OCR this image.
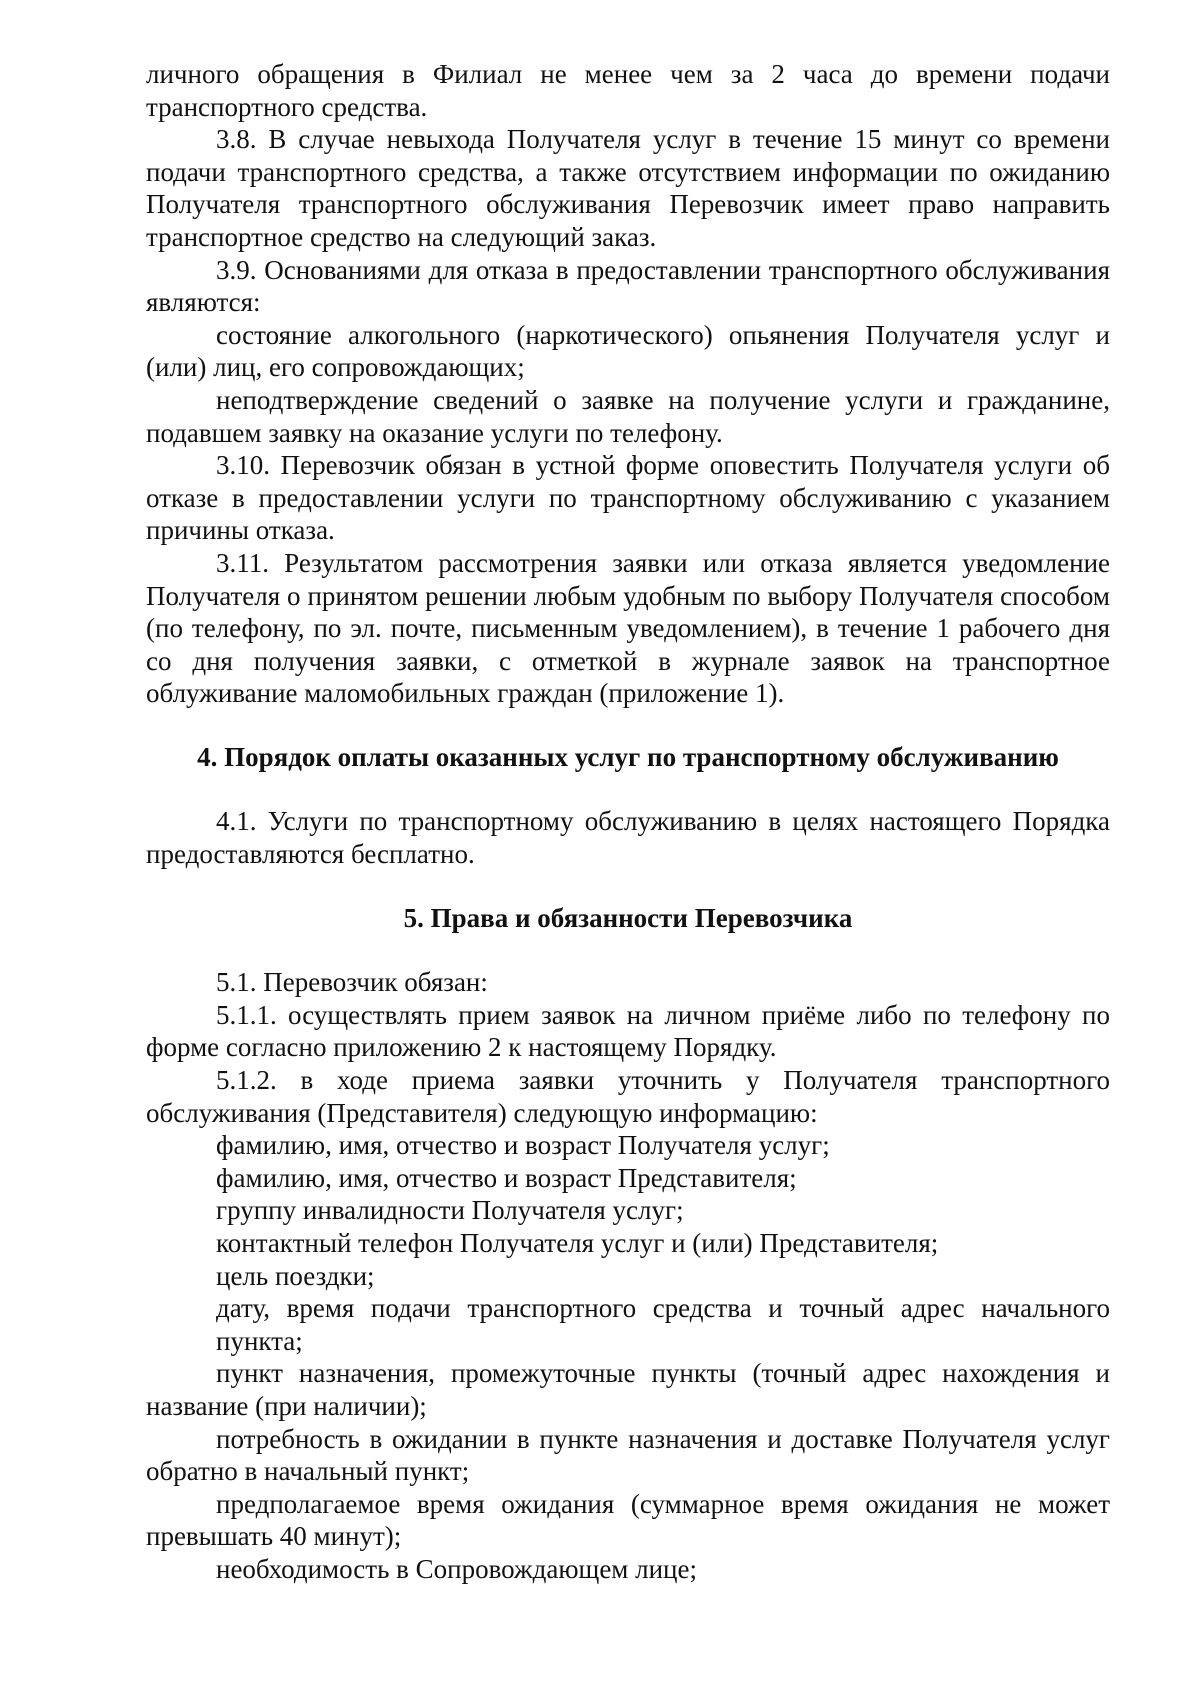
личного обращения в Филиал не менее чем за 2 часа до времени подачи транспортного средства.

3.8. В случае невыхода Получателя услуг в течение 15 минут со времени подачи транспортного средства, а также отсутствием информации по ожиданию Получателя транспортного обслуживания Перевозчик имеет право направить транспортное средство на следующий заказ.

3.9. Основаниями для отказа в предоставлении транспортного обслуживания являются:

состояние алкогольного (наркотического) опьянения Получателя услуг и (или) лиц, его сопровождающих;

неподтверждение сведений о заявке на получение услуги и гражданине, подавшем заявку на оказание услуги по телефону.

3.10. Перевозчик обязан в устной форме оповестить Получателя услуги об отказе в предоставлении услуги по транспортному обслуживанию с указанием причины отказа.

3.11. Результатом рассмотрения заявки или отказа является уведомление Получателя о принятом решении любым удобным по выбору Получателя способом (по телефону, по эл. почте, письменным уведомлением), в течение 1 рабочего дня со дня получения заявки, с отметкой в журнале заявок на транспортное облуживание маломобильных граждан (приложение 1).

4. Порядок оплаты оказанных услуг по транспортному обслуживанию

4.1. Услуги по транспортному обслуживанию в целях настоящего Порядка предоставляются бесплатно.

5. Права и обязанности Перевозчика

5.1. Перевозчик обязан:

5.1.1. осуществлять прием заявок на личном приёме либо по телефону по форме согласно приложению 2 к настоящему Порядку.

5.1.2. в ходе приема заявки уточнить у Получателя транспортного обслуживания (Представителя) следующую информацию:

фамилию, имя, отчество и возраст Получателя услуг;

фамилию, имя, отчество и возраст Представителя;

группу инвалидности Получателя услуг;

контактный телефон Получателя услуг и (или) Представителя;

цель поездки;

дату, время подачи транспортного средства и точный адрес начального пункта;

пункт назначения, промежуточные пункты (точный адрес нахождения и название (при наличии);

потребность в ожидании в пункте назначения и доставке Получателя услуг обратно в начальный пункт;

предполагаемое время ожидания (суммарное время ожидания не может превышать 40 минут);

необходимость в Сопровождающем лице;
